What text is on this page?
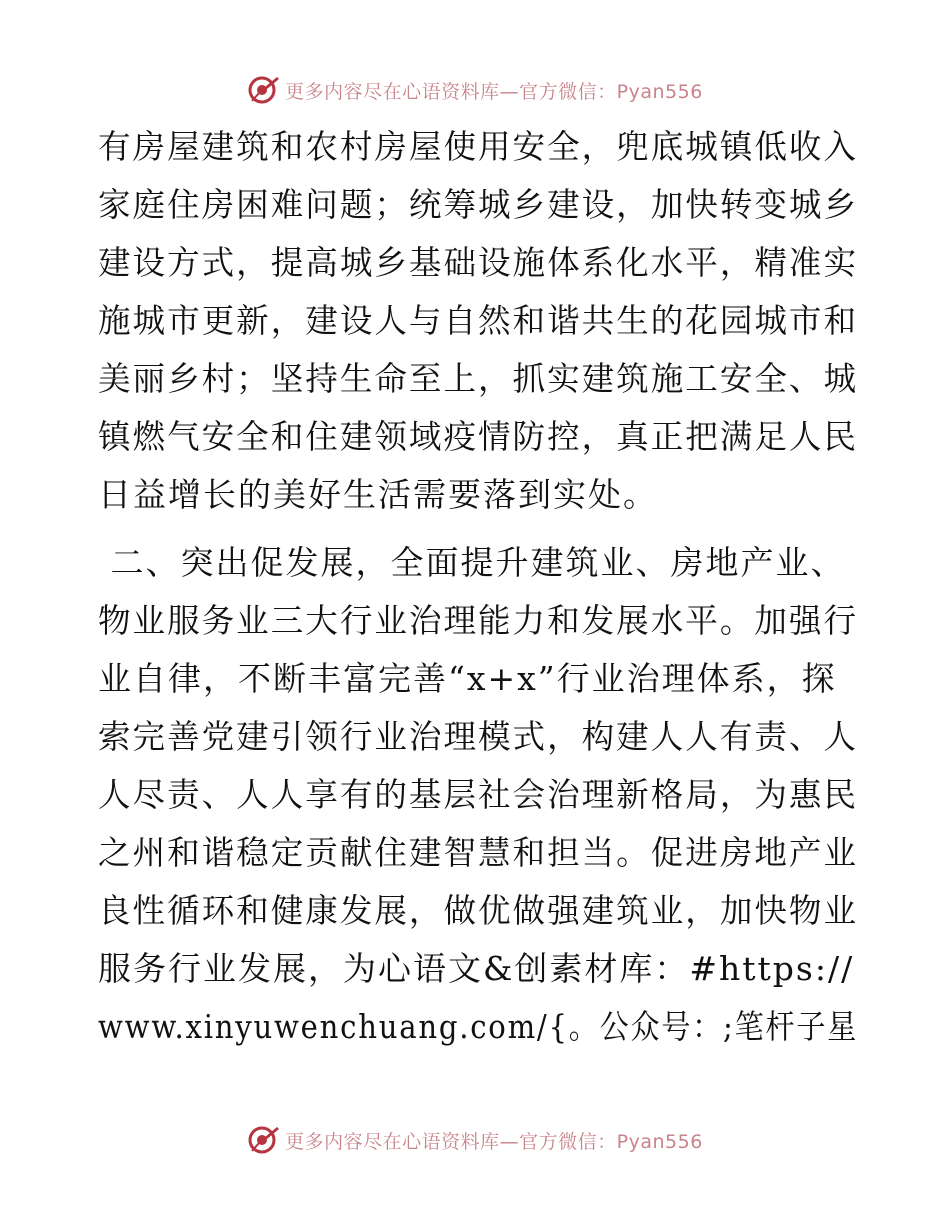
更多内容尽在心语资料库—官方微信：Pyan556
有房屋建筑和农村房屋使用安全，兜底城镇低收入
家庭住房困难问题；统筹城乡建设，加快转变城乡
建设方式，提高城乡基础设施体系化水平，精准实
施城市更新，建设人与自然和谐共生的花园城市和
美丽乡村；坚持生命至上，抓实建筑施工安全、城
镇燃气安全和住建领域疫情防控，真正把满足人民
日益增长的美好生活需要落到实处。
二、突出促发展，全面提升建筑业、房地产业、
物业服务业三大行业治理能力和发展水平。加强行
业自律，不断丰富完善“x+x”行业治理体系，探
索完善党建引领行业治理模式，构建人人有责、人
人尽责、人人享有的基层社会治理新格局，为惠民
之州和谐稳定贡献住建智慧和担当。促进房地产业
良性循环和健康发展，做优做强建筑业，加快物业
服务行业发展，为心语文&创素材库：#https://
www.xinyuwenchuang.com/{。公众号：;笔杆子星
更多内容尽在心语资料库—官方微信：Pyan556
